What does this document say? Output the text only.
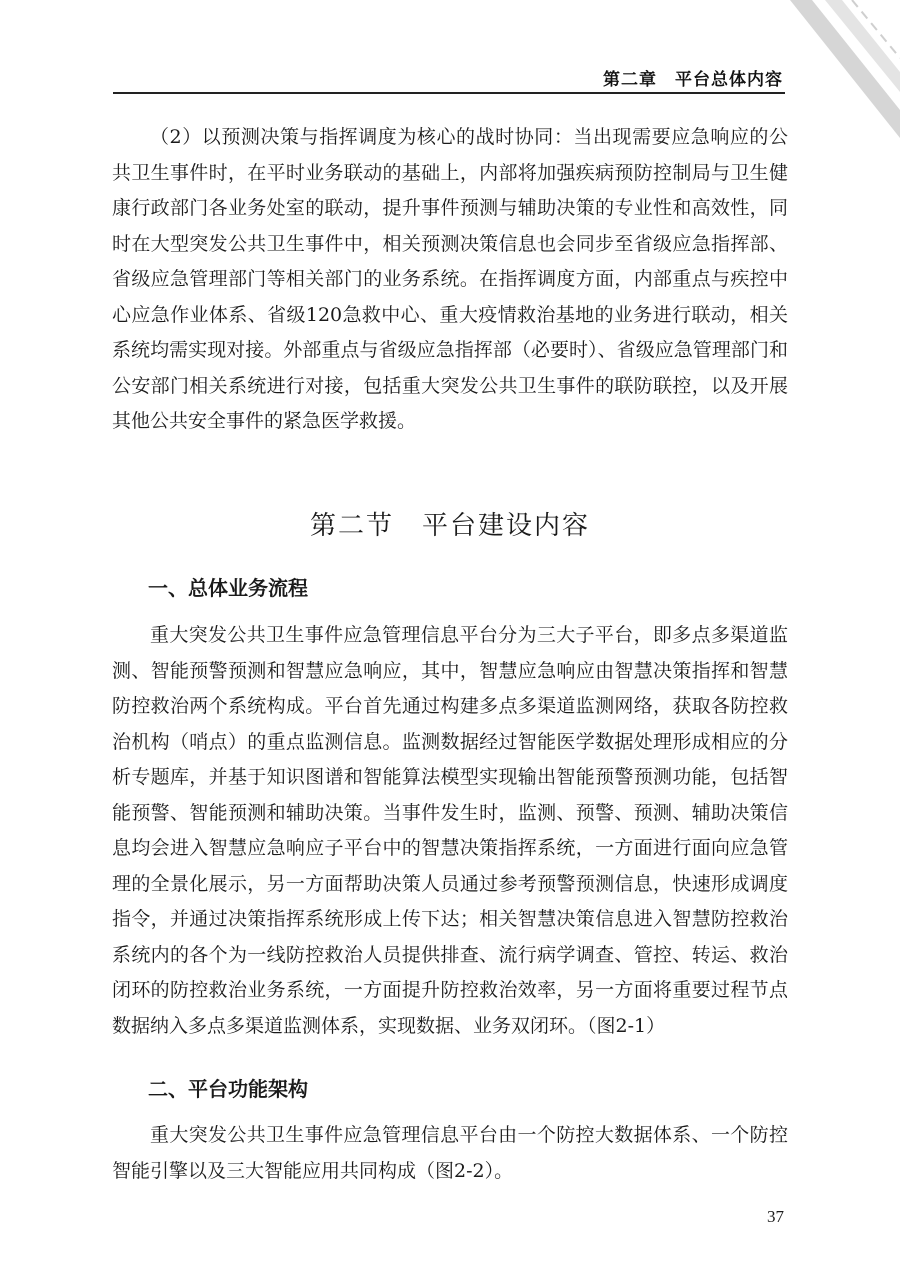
第二章　平台总体内容

（2）以预测决策与指挥调度为核心的战时协同：当出现需要应急响应的公共卫生事件时，在平时业务联动的基础上，内部将加强疾病预防控制局与卫生健康行政部门各业务处室的联动，提升事件预测与辅助决策的专业性和高效性，同时在大型突发公共卫生事件中，相关预测决策信息也会同步至省级应急指挥部、省级应急管理部门等相关部门的业务系统。在指挥调度方面，内部重点与疾控中心应急作业体系、省级120急救中心、重大疫情救治基地的业务进行联动，相关系统均需实现对接。外部重点与省级应急指挥部（必要时）、省级应急管理部门和公安部门相关系统进行对接，包括重大突发公共卫生事件的联防联控，以及开展其他公共安全事件的紧急医学救援。

第二节　平台建设内容
一、总体业务流程

重大突发公共卫生事件应急管理信息平台分为三大子平台，即多点多渠道监测、智能预警预测和智慧应急响应，其中，智慧应急响应由智慧决策指挥和智慧防控救治两个系统构成。平台首先通过构建多点多渠道监测网络，获取各防控救治机构（哨点）的重点监测信息。监测数据经过智能医学数据处理形成相应的分析专题库，并基于知识图谱和智能算法模型实现输出智能预警预测功能，包括智能预警、智能预测和辅助决策。当事件发生时，监测、预警、预测、辅助决策信息均会进入智慧应急响应子平台中的智慧决策指挥系统，一方面进行面向应急管理的全景化展示，另一方面帮助决策人员通过参考预警预测信息，快速形成调度指令，并通过决策指挥系统形成上传下达；相关智慧决策信息进入智慧防控救治系统内的各个为一线防控救治人员提供排查、流行病学调查、管控、转运、救治闭环的防控救治业务系统，一方面提升防控救治效率，另一方面将重要过程节点数据纳入多点多渠道监测体系，实现数据、业务双闭环。（图2-1）

二、平台功能架构

重大突发公共卫生事件应急管理信息平台由一个防控大数据体系、一个防控智能引擎以及三大智能应用共同构成（图2-2）。

37
